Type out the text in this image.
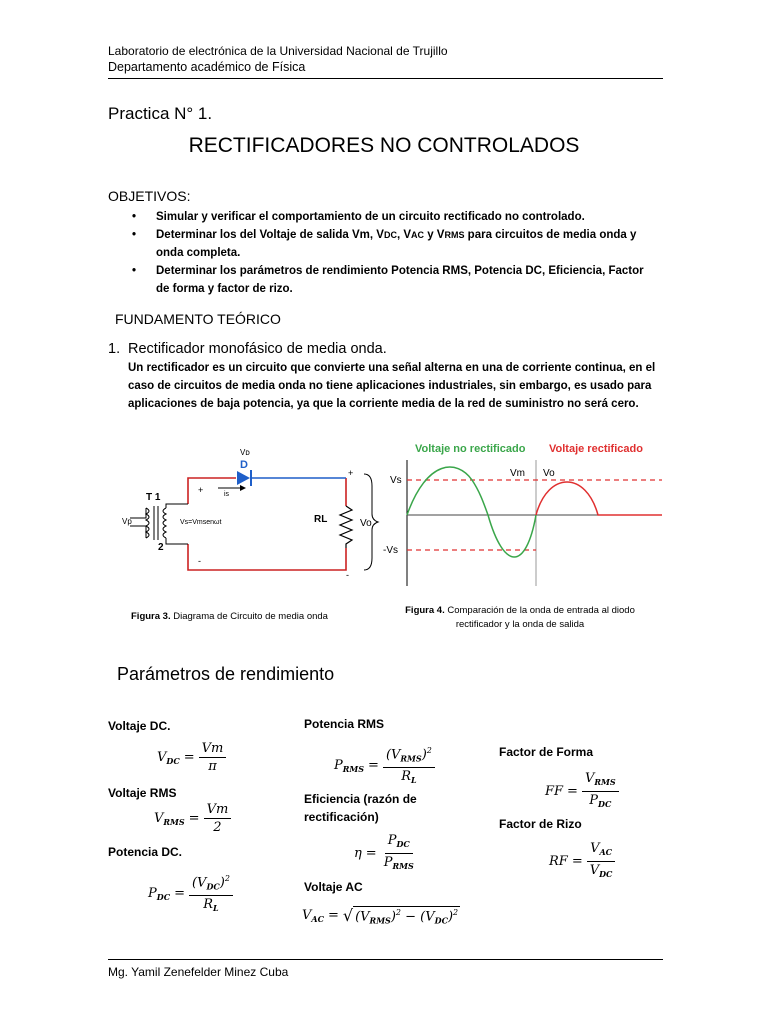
Laboratorio de electrónica de la Universidad Nacional de Trujillo
Departamento académico de Física
Practica N° 1.
RECTIFICADORES NO CONTROLADOS
OBJETIVOS:
• Simular y verificar el comportamiento de un circuito rectificado no controlado.
• Determinar los del Voltaje de salida Vm, VDC, VAC y VRMS para circuitos de media onda y onda completa.
• Determinar los parámetros de rendimiento Potencia RMS, Potencia DC, Eficiencia, Factor de forma y factor de rizo.
FUNDAMENTO TEÓRICO
1. Rectificador monofásico de media onda.
Un rectificador es un circuito que convierte una señal alterna en una de corriente continua, en el caso de circuitos de media onda no tiene aplicaciones industriales, sin embargo, es usado para aplicaciones de baja potencia, ya que la corriente media de la red de suministro no será cero.
Vᴅ
D
+	is
T 1
Vp	Vs=Vmsenωt
2
RL	Vo
+
-
-
Voltaje no rectificado Voltaje rectificado
Vm Vo
Vs
-Vs
Figura 3. Diagrama de Circuito de media onda
Figura 4. Comparación de la onda de entrada al diodo
rectificador y la onda de salida
Parámetros de rendimiento
Voltaje DC.
$V_{DC} = \frac{Vm}{\pi}$
Voltaje RMS
$V_{RMS} = \frac{Vm}{2}$
Potencia DC.
$P_{DC} = \frac{(V_{DC})^2}{R_L}$
Potencia RMS
$P_{RMS} = \frac{(V_{RMS})^2}{R_L}$
Eficiencia (razón de rectificación)
$\eta = \frac{P_{DC}}{P_{RMS}}$
Voltaje AC
$V_{AC}$ = √ $(V_{RMS})^2 - (V_{DC})^2$
Factor de Forma
FF = $\frac{V_{RMS}}{P_{DC}}$
Factor de Rizo
RF = $\frac{V_{AC}}{V_{DC}}$
Mg. Yamil Zenefelder Minez Cuba
